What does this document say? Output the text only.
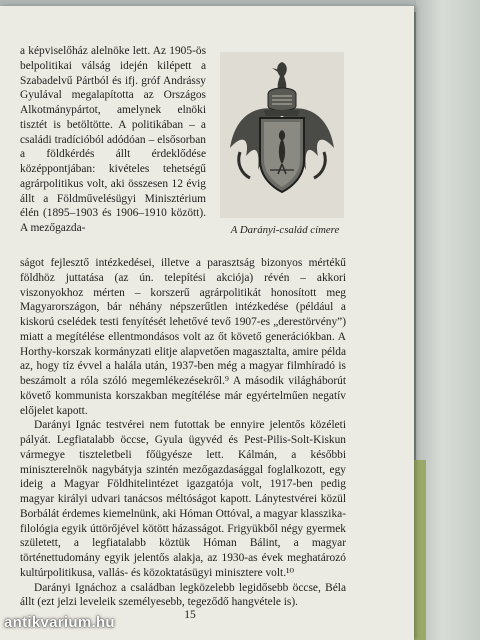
a képviselőház alelnöke lett. Az 1905-ös belpolitikai válság idején kilépett a Szabadelvű Pártból és ifj. gróf Andrássy Gyulával megalapította az Országos Alkotmánypártot, amelynek elnöki tisztét is betöltötte. A politikában – a családi tradícióból adódóan – elsősorban a földkérdés állt érdeklődése középpontjában: kivételes tehetségű agrárpolitikus volt, aki összesen 12 évig állt a Földművelésügyi Minisztérium élén (1895–1903 és 1906–1910 között). A mezőgazda-	A Darányi-család címere

ságot fejlesztő intézkedései, illetve a parasztság bizonyos mértékű földhöz juttatása (az ún. telepítési akciója) révén – akkori viszonyokhoz mérten – korszerű agrárpolitikát honosított meg Magyarországon, bár néhány népszerűtlen intézkedése (például a kiskorú cselédek testi fenyítését lehetővé tevő 1907-es „derestörvény”) miatt a megítélése ellentmondásos volt az őt követő generációkban. A Horthy-korszak kormányzati elitje alapvetően magasztalta, amire példa az, hogy tíz évvel a halála után, 1937-ben még a magyar filmhíradó is beszámolt a róla szóló megemlékezésekről.⁹ A második világháborút követő kommunista korszakban megítélése már egyértelműen negatív előjelet kapott.

Darányi Ignác testvérei nem futottak be ennyire jelentős közéleti pályát. Legfiatalabb öccse, Gyula ügyvéd és Pest-Pilis-Solt-Kiskun vármegye tiszteletbeli főügyésze lett. Kálmán, a későbbi miniszterelnök nagybátyja szintén mezőgazdasággal foglalkozott, egy ideig a Magyar Földhitelintézet igazgatója volt, 1917-ben pedig magyar királyi udvari tanácsos méltóságot kapott. Lánytestvérei közül Borbálát érdemes kiemelnünk, aki Hóman Ottóval, a magyar klasszika-filológia egyik úttörőjével kötött házasságot. Frigyükből négy gyermek született, a legfiatalabb köztük Hóman Bálint, a magyar történettudomány egyik jelentős alakja, az 1930-as évek meghatározó kultúrpolitikusa, vallás- és közoktatásügyi minisztere volt.¹⁰

Darányi Ignáchoz a családban legközelebb legidősebb öccse, Béla állt (ezt jelzi leveleik személyesebb, tegeződő hangvétele is).

15
antikvarium.hu
